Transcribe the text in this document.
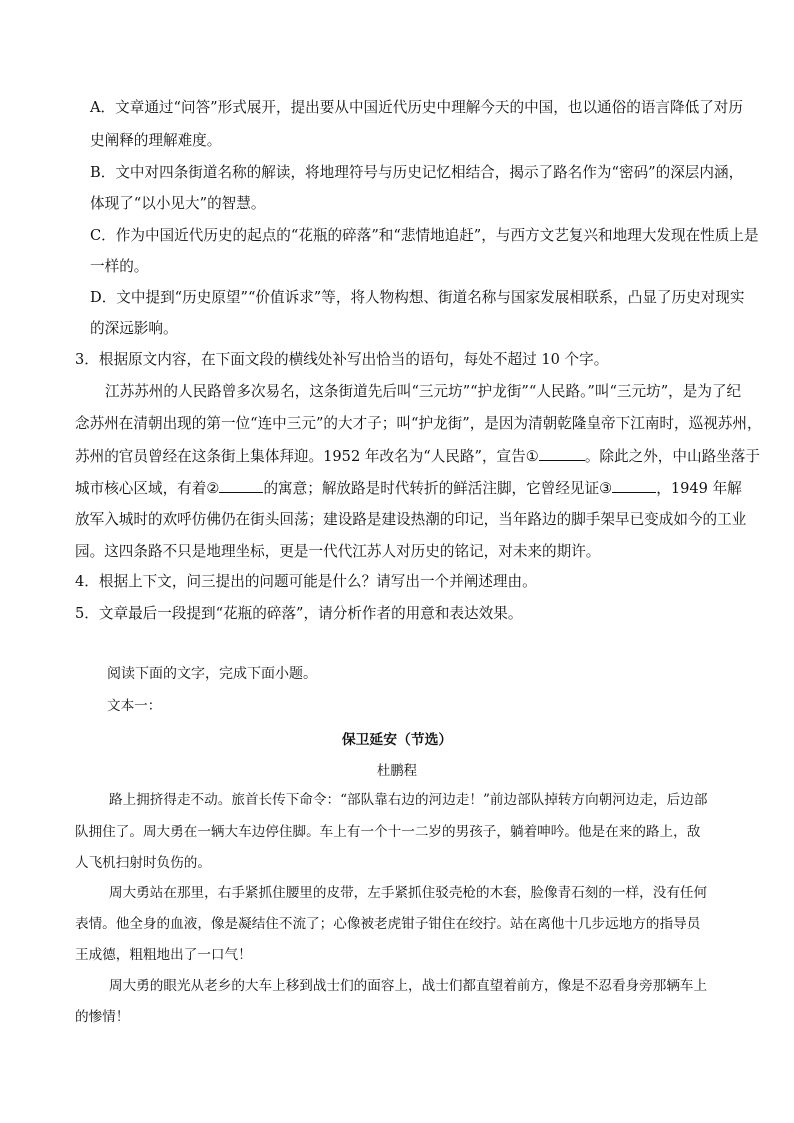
A．文章通过“问答”形式展开，提出要从中国近代历史中理解今天的中国，也以通俗的语言降低了对历
史阐释的理解难度。
B．文中对四条街道名称的解读，将地理符号与历史记忆相结合，揭示了路名作为“密码”的深层内涵，
体现了“以小见大”的智慧。
C．作为中国近代历史的起点的“花瓶的碎落”和“悲情地追赶”，与西方文艺复兴和地理大发现在性质上是
一样的。
D．文中提到“历史原望”“价值诉求”等，将人物构想、街道名称与国家发展相联系，凸显了历史对现实
的深远影响。
3．根据原文内容，在下面文段的横线处补写出恰当的语句，每处不超过 10 个字。
江苏苏州的人民路曾多次易名，这条街道先后叫“三元坊”“护龙街”“人民路。”叫“三元坊”，是为了纪
念苏州在清朝出现的第一位“连中三元”的大才子；叫“护龙街”，是因为清朝乾隆皇帝下江南时，巡视苏州，
苏州的官员曾经在这条街上集体拜迎。1952 年改名为“人民路”，宣告①	。除此之外，中山路坐落于
城市核心区域，有着②	的寓意；解放路是时代转折的鲜活注脚，它曾经见证③	，1949 年解
放军入城时的欢呼仿佛仍在街头回荡；建设路是建设热潮的印记，当年路边的脚手架早已变成如今的工业
园。这四条路不只是地理坐标，更是一代代江苏人对历史的铭记，对未来的期许。
4．根据上下文，问三提出的问题可能是什么？请写出一个并阐述理由。
5．文章最后一段提到“花瓶的碎落”，请分析作者的用意和表达效果。
阅读下面的文字，完成下面小题。
文本一：
保卫延安（节选）
杜鹏程
路上拥挤得走不动。旅首长传下命令：“部队靠右边的河边走！”前边部队掉转方向朝河边走，后边部
队拥住了。周大勇在一辆大车边停住脚。车上有一个十一二岁的男孩子，躺着呻吟。他是在来的路上，敌
人飞机扫射时负伤的。
周大勇站在那里，右手紧抓住腰里的皮带，左手紧抓住驳壳枪的木套，脸像青石刻的一样，没有任何
表情。他全身的血液，像是凝结住不流了；心像被老虎钳子钳住在绞拧。站在离他十几步远地方的指导员
王成德，粗粗地出了一口气！
周大勇的眼光从老乡的大车上移到战士们的面容上，战士们都直望着前方，像是不忍看身旁那辆车上
的惨情！
